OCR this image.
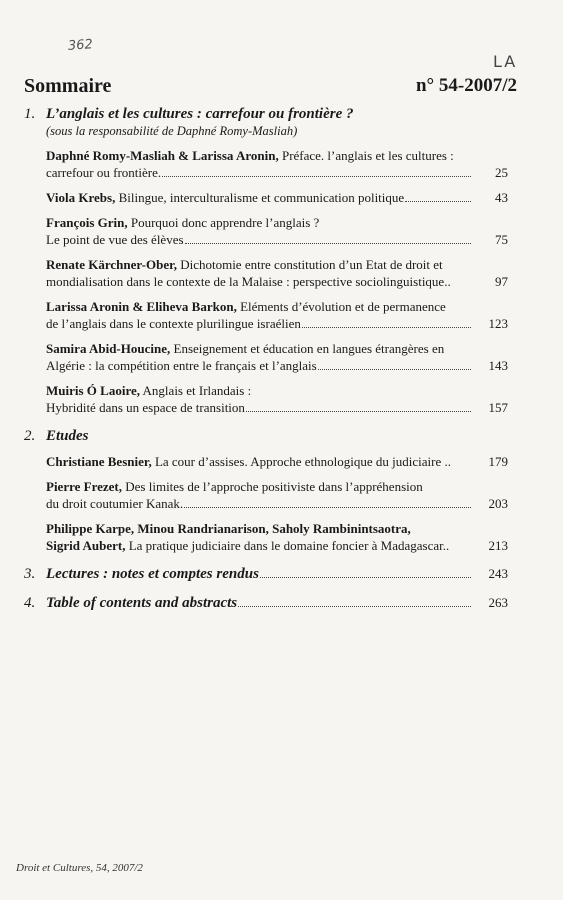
362
LA
Sommaire	n° 54-2007/2
1. L’anglais et les cultures : carrefour ou frontière ?
(sous la responsabilité de Daphné Romy-Masliah)
Daphné Romy-Masliah & Larissa Aronin, Préface. l’anglais et les cultures :
carrefour ou frontière.	25
Viola Krebs, Bilingue, interculturalisme et communication politique	43
François Grin, Pourquoi donc apprendre l’anglais ?
Le point de vue des élèves	75
Renate Kärchner-Ober, Dichotomie entre constitution d’un Etat de droit et
mondialisation dans le contexte de la Malaise : perspective sociolinguistique..	97
Larissa Aronin & Eliheva Barkon, Eléments d’évolution et de permanence
de l’anglais dans le contexte plurilingue israélien	123
Samira Abid-Houcine, Enseignement et éducation en langues étrangères en
Algérie : la compétition entre le français et l’anglais	143
Muiris Ó Laoire, Anglais et Irlandais :
Hybridité dans un espace de transition	157
2. Etudes
Christiane Besnier, La cour d’assises. Approche ethnologique du judiciaire ..	179
Pierre Frezet, Des limites de l’approche positiviste dans l’appréhension
du droit coutumier Kanak.	203
Philippe Karpe, Minou Randrianarison, Saholy Rambinintsaotra,
Sigrid Aubert, La pratique judiciaire dans le domaine foncier à Madagascar..	213
3. Lectures : notes et comptes rendus	243
4. Table of contents and abstracts	263
Droit et Cultures, 54, 2007/2
